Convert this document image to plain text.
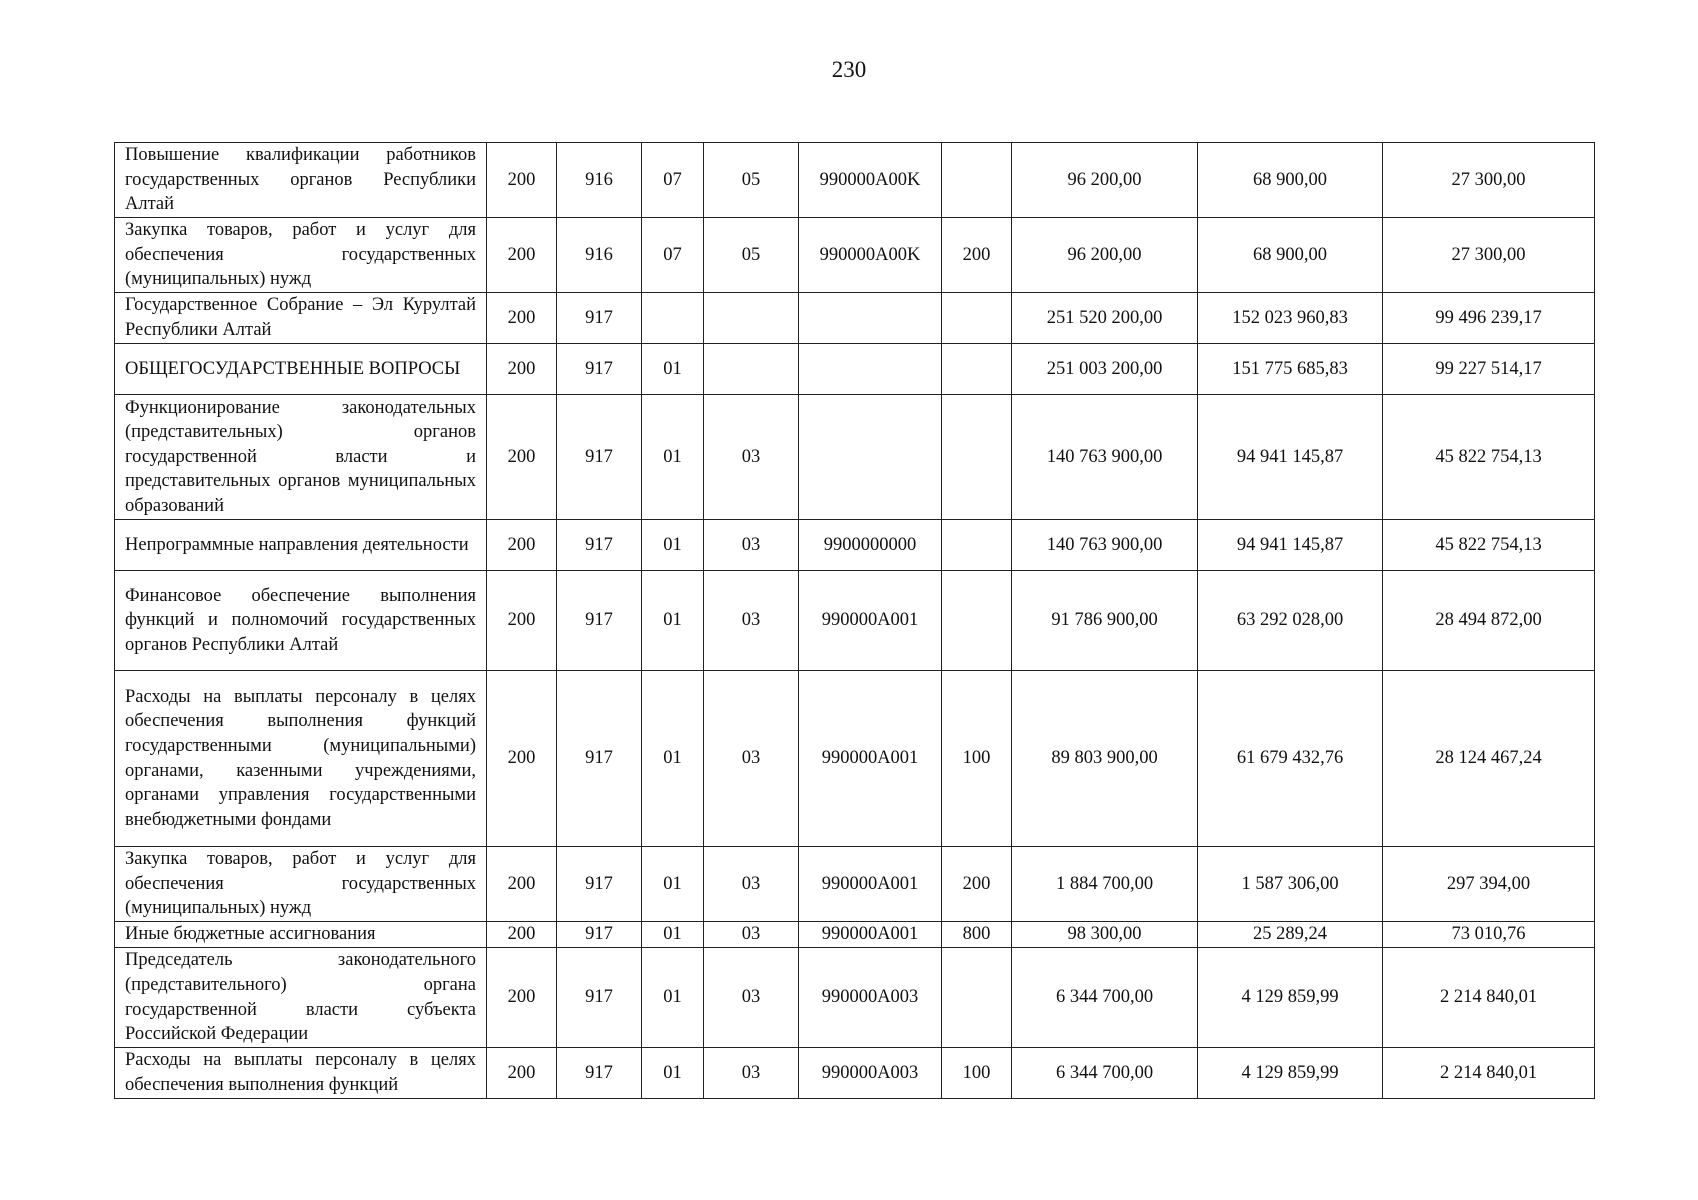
230
Повышение квалификации работников государственных органов Республики Алтай	200	916	07	05	990000A00K		96 200,00	68 900,00	27 300,00
Закупка товаров, работ и услуг для обеспечения государственных (муниципальных) нужд	200	916	07	05	990000A00K	200	96 200,00	68 900,00	27 300,00
Государственное Собрание – Эл Курултай Республики Алтай	200	917					251 520 200,00	152 023 960,83	99 496 239,17
ОБЩЕГОСУДАРСТВЕННЫЕ ВОПРОСЫ	200	917	01				251 003 200,00	151 775 685,83	99 227 514,17
Функционирование законодательных (представительных) органов государственной власти и представительных органов муниципальных образований	200	917	01	03			140 763 900,00	94 941 145,87	45 822 754,13
Непрограммные направления деятельности	200	917	01	03	9900000000		140 763 900,00	94 941 145,87	45 822 754,13
Финансовое обеспечение выполнения функций и полномочий государственных органов Республики Алтай	200	917	01	03	990000A001		91 786 900,00	63 292 028,00	28 494 872,00
Расходы на выплаты персоналу в целях обеспечения выполнения функций государственными (муниципальными) органами, казенными учреждениями, органами управления государственными внебюджетными фондами	200	917	01	03	990000A001	100	89 803 900,00	61 679 432,76	28 124 467,24
Закупка товаров, работ и услуг для обеспечения государственных (муниципальных) нужд	200	917	01	03	990000A001	200	1 884 700,00	1 587 306,00	297 394,00
Иные бюджетные ассигнования	200	917	01	03	990000A001	800	98 300,00	25 289,24	73 010,76
Председатель законодательного (представительного) органа государственной власти субъекта Российской Федерации	200	917	01	03	990000A003		6 344 700,00	4 129 859,99	2 214 840,01
Расходы на выплаты персоналу в целях обеспечения выполнения функций	200	917	01	03	990000A003	100	6 344 700,00	4 129 859,99	2 214 840,01
